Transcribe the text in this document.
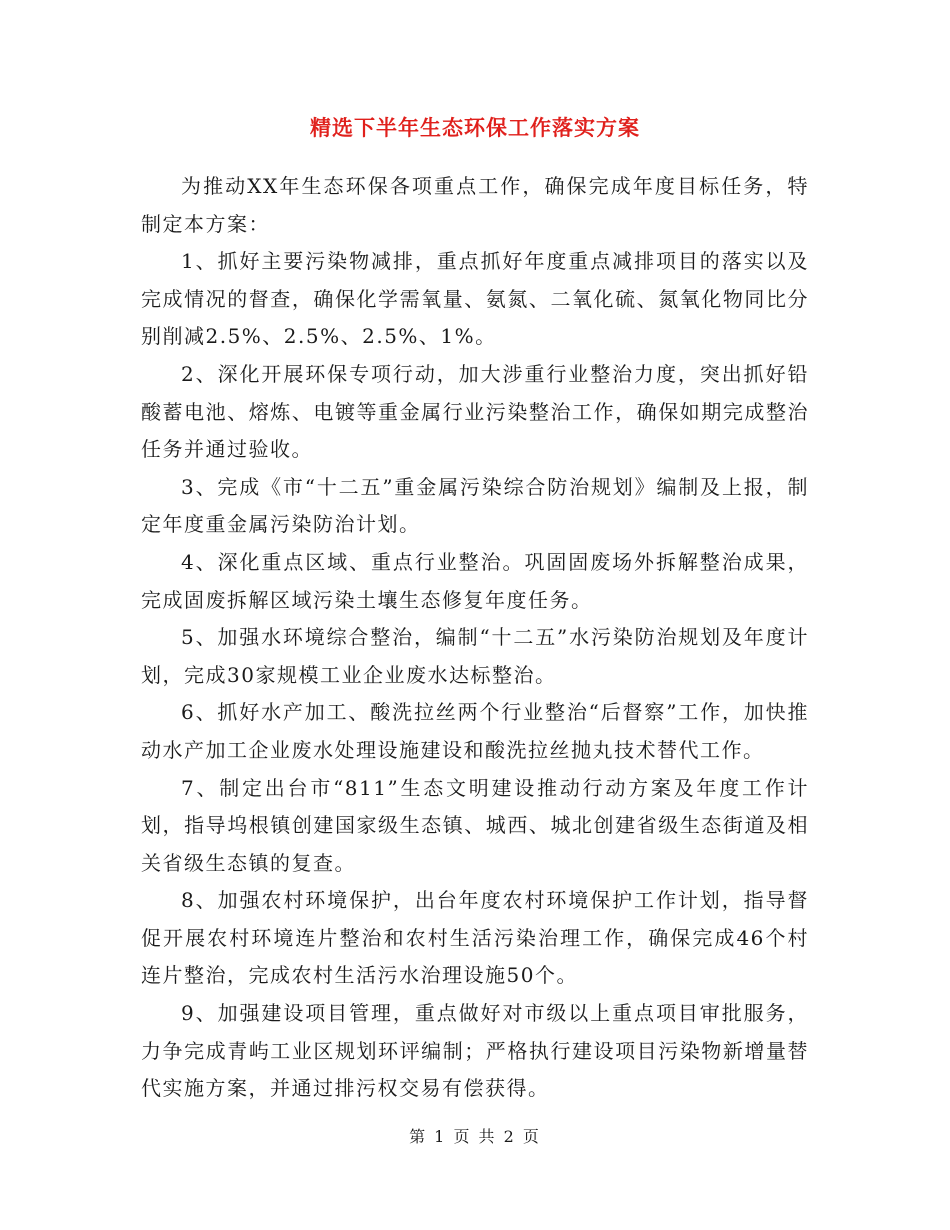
精选下半年生态环保工作落实方案

为推动XX年生态环保各项重点工作，确保完成年度目标任务，特制定本方案：

1、抓好主要污染物减排，重点抓好年度重点减排项目的落实以及完成情况的督查，确保化学需氧量、氨氮、二氧化硫、氮氧化物同比分别削减2.5%、2.5%、2.5%、1%。

2、深化开展环保专项行动，加大涉重行业整治力度，突出抓好铅酸蓄电池、熔炼、电镀等重金属行业污染整治工作，确保如期完成整治任务并通过验收。

3、完成《市“十二五”重金属污染综合防治规划》编制及上报，制定年度重金属污染防治计划。

4、深化重点区域、重点行业整治。巩固固废场外拆解整治成果，完成固废拆解区域污染土壤生态修复年度任务。

5、加强水环境综合整治，编制“十二五”水污染防治规划及年度计划，完成30家规模工业企业废水达标整治。

6、抓好水产加工、酸洗拉丝两个行业整治“后督察”工作，加快推动水产加工企业废水处理设施建设和酸洗拉丝抛丸技术替代工作。

7、制定出台市“811”生态文明建设推动行动方案及年度工作计划，指导坞根镇创建国家级生态镇、城西、城北创建省级生态街道及相关省级生态镇的复查。

8、加强农村环境保护，出台年度农村环境保护工作计划，指导督促开展农村环境连片整治和农村生活污染治理工作，确保完成46个村连片整治，完成农村生活污水治理设施50个。

9、加强建设项目管理，重点做好对市级以上重点项目审批服务，力争完成青屿工业区规划环评编制；严格执行建设项目污染物新增量替代实施方案，并通过排污权交易有偿获得。

第 1 页 共 2 页
